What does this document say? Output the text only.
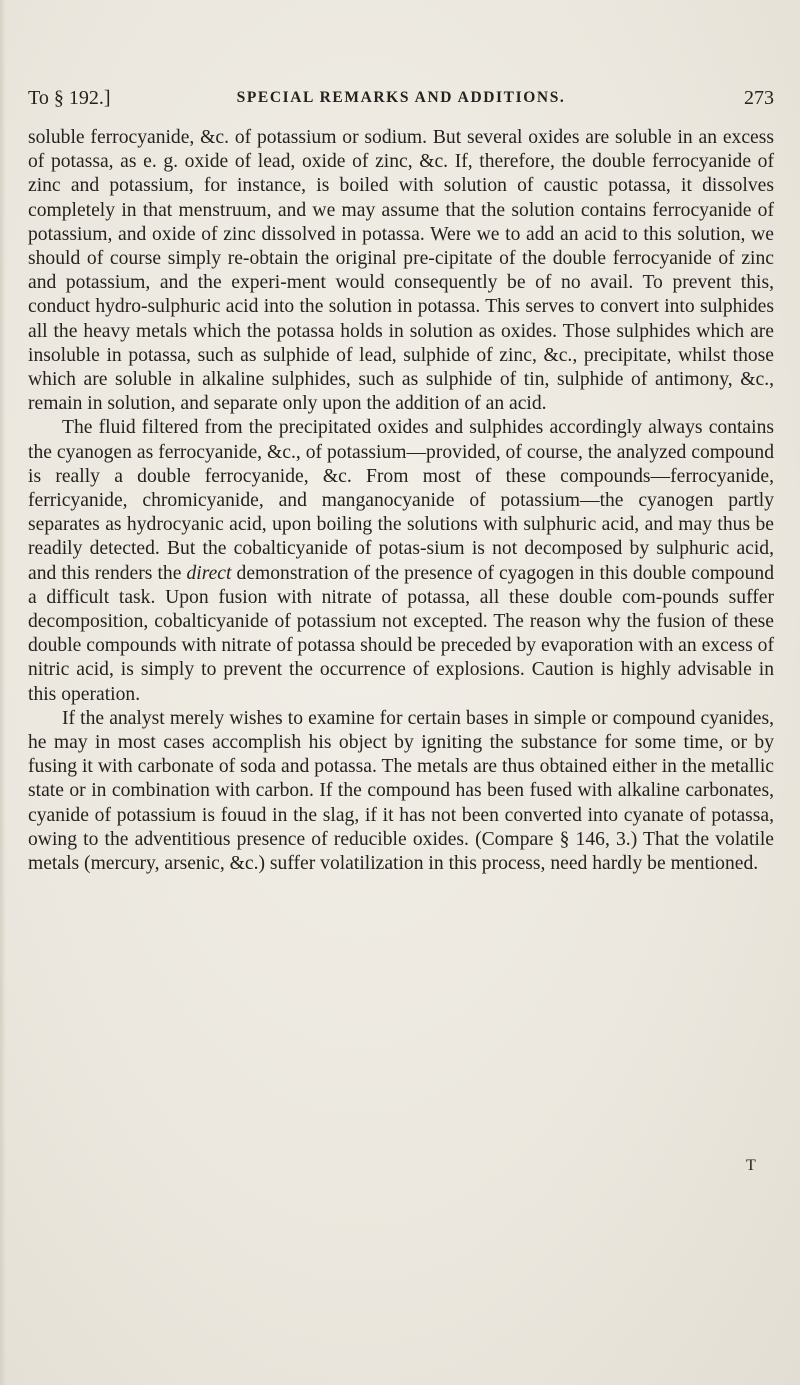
To § 192.]	SPECIAL REMARKS AND ADDITIONS.	273

soluble ferrocyanide, &c. of potassium or sodium. But several oxides are soluble in an excess of potassa, as e. g. oxide of lead, oxide of zinc, &c. If, therefore, the double ferrocyanide of zinc and potassium, for instance, is boiled with solution of caustic potassa, it dissolves completely in that menstruum, and we may assume that the solution contains ferrocyanide of potassium, and oxide of zinc dissolved in potassa. Were we to add an acid to this solution, we should of course simply re-obtain the original pre-cipitate of the double ferrocyanide of zinc and potassium, and the experi-ment would consequently be of no avail. To prevent this, conduct hydro-sulphuric acid into the solution in potassa. This serves to convert into sulphides all the heavy metals which the potassa holds in solution as oxides. Those sulphides which are insoluble in potassa, such as sulphide of lead, sulphide of zinc, &c., precipitate, whilst those which are soluble in alkaline sulphides, such as sulphide of tin, sulphide of antimony, &c., remain in solution, and separate only upon the addition of an acid.

The fluid filtered from the precipitated oxides and sulphides accordingly always contains the cyanogen as ferrocyanide, &c., of potassium—provided, of course, the analyzed compound is really a double ferrocyanide, &c. From most of these compounds—ferrocyanide, ferricyanide, chromicyanide, and manganocyanide of potassium—the cyanogen partly separates as hydrocyanic acid, upon boiling the solutions with sulphuric acid, and may thus be readily detected. But the cobalticyanide of potas-sium is not decomposed by sulphuric acid, and this renders the direct demonstration of the presence of cyagogen in this double compound a difficult task. Upon fusion with nitrate of potassa, all these double com-pounds suffer decomposition, cobalticyanide of potassium not excepted. The reason why the fusion of these double compounds with nitrate of potassa should be preceded by evaporation with an excess of nitric acid, is simply to prevent the occurrence of explosions. Caution is highly advisable in this operation.

If the analyst merely wishes to examine for certain bases in simple or compound cyanides, he may in most cases accomplish his object by igniting the substance for some time, or by fusing it with carbonate of soda and potassa. The metals are thus obtained either in the metallic state or in combination with carbon. If the compound has been fused with alkaline carbonates, cyanide of potassium is fouud in the slag, if it has not been converted into cyanate of potassa, owing to the adventitious presence of reducible oxides. (Compare § 146, 3.) That the volatile metals (mercury, arsenic, &c.) suffer volatilization in this process, need hardly be mentioned.

T
